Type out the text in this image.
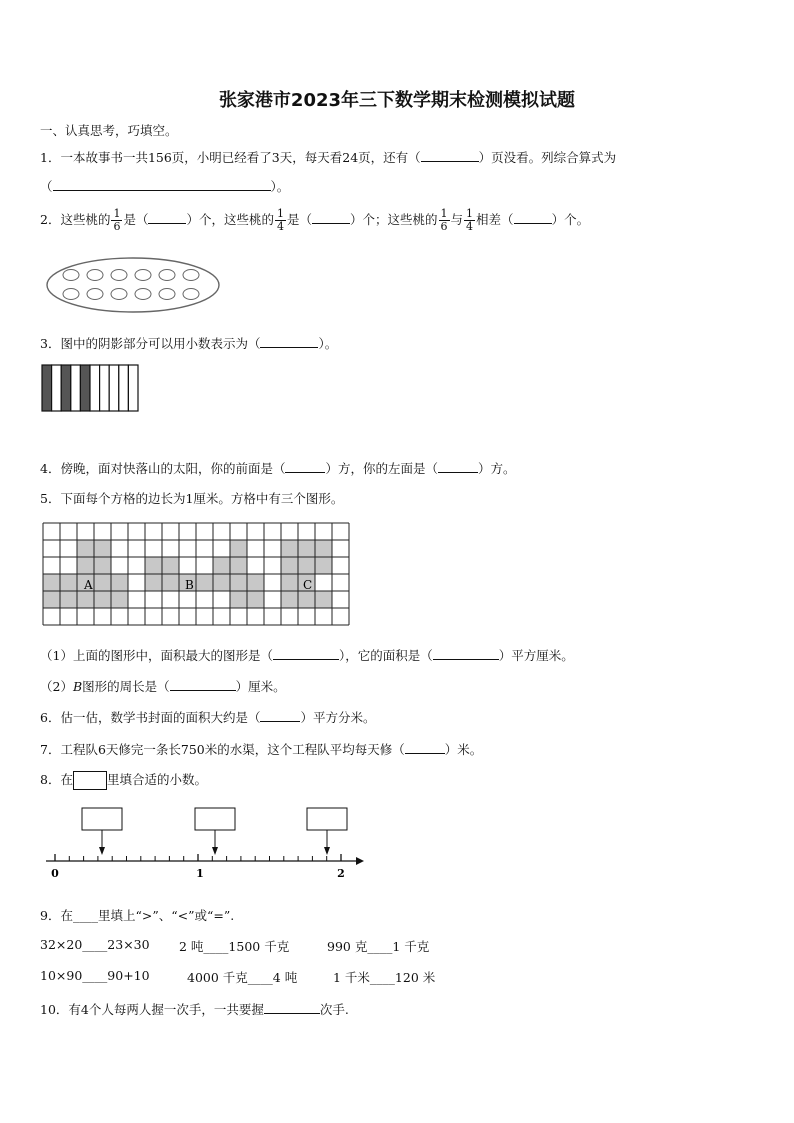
张家港市2023年三下数学期末检测模拟试题
一、认真思考，巧填空。
1．一本故事书一共156页，小明已经看了3天，每天看24页，还有（	）页没看。列综合算式为
（	）。
2．这些桃的 $\frac{1}{6}$ 是（	）个，这些桃的 $\frac{1}{4}$ 是（	）个；这些桃的 $\frac{1}{6}$ 与 $\frac{1}{4}$ 相差（	）个。
3．图中的阴影部分可以用小数表示为（	）。
4．傍晚，面对快落山的太阳，你的前面是（	）方，你的左面是（	）方。
5．下面每个方格的边长为1厘米。方格中有三个图形。
A	B	C
（1）上面的图形中，面积最大的图形是（	），它的面积是（	）平方厘米。
（2）B图形的周长是（	）厘米。
6．估一估，数学书封面的面积大约是（	）平方分米。
7．工程队6天修完一条长750米的水渠，这个工程队平均每天修（	）米。
8．在	里填合适的小数。
0	1	2
9．在____里填上“>”、“<”或“=”.
32×20____23×30 2 吨____1500 千克	990 克____1 千克
10×90____90+10	4000 千克____4 吨	1 千米____120 米
10．有4个人每两人握一次手，一共要握	次手.
